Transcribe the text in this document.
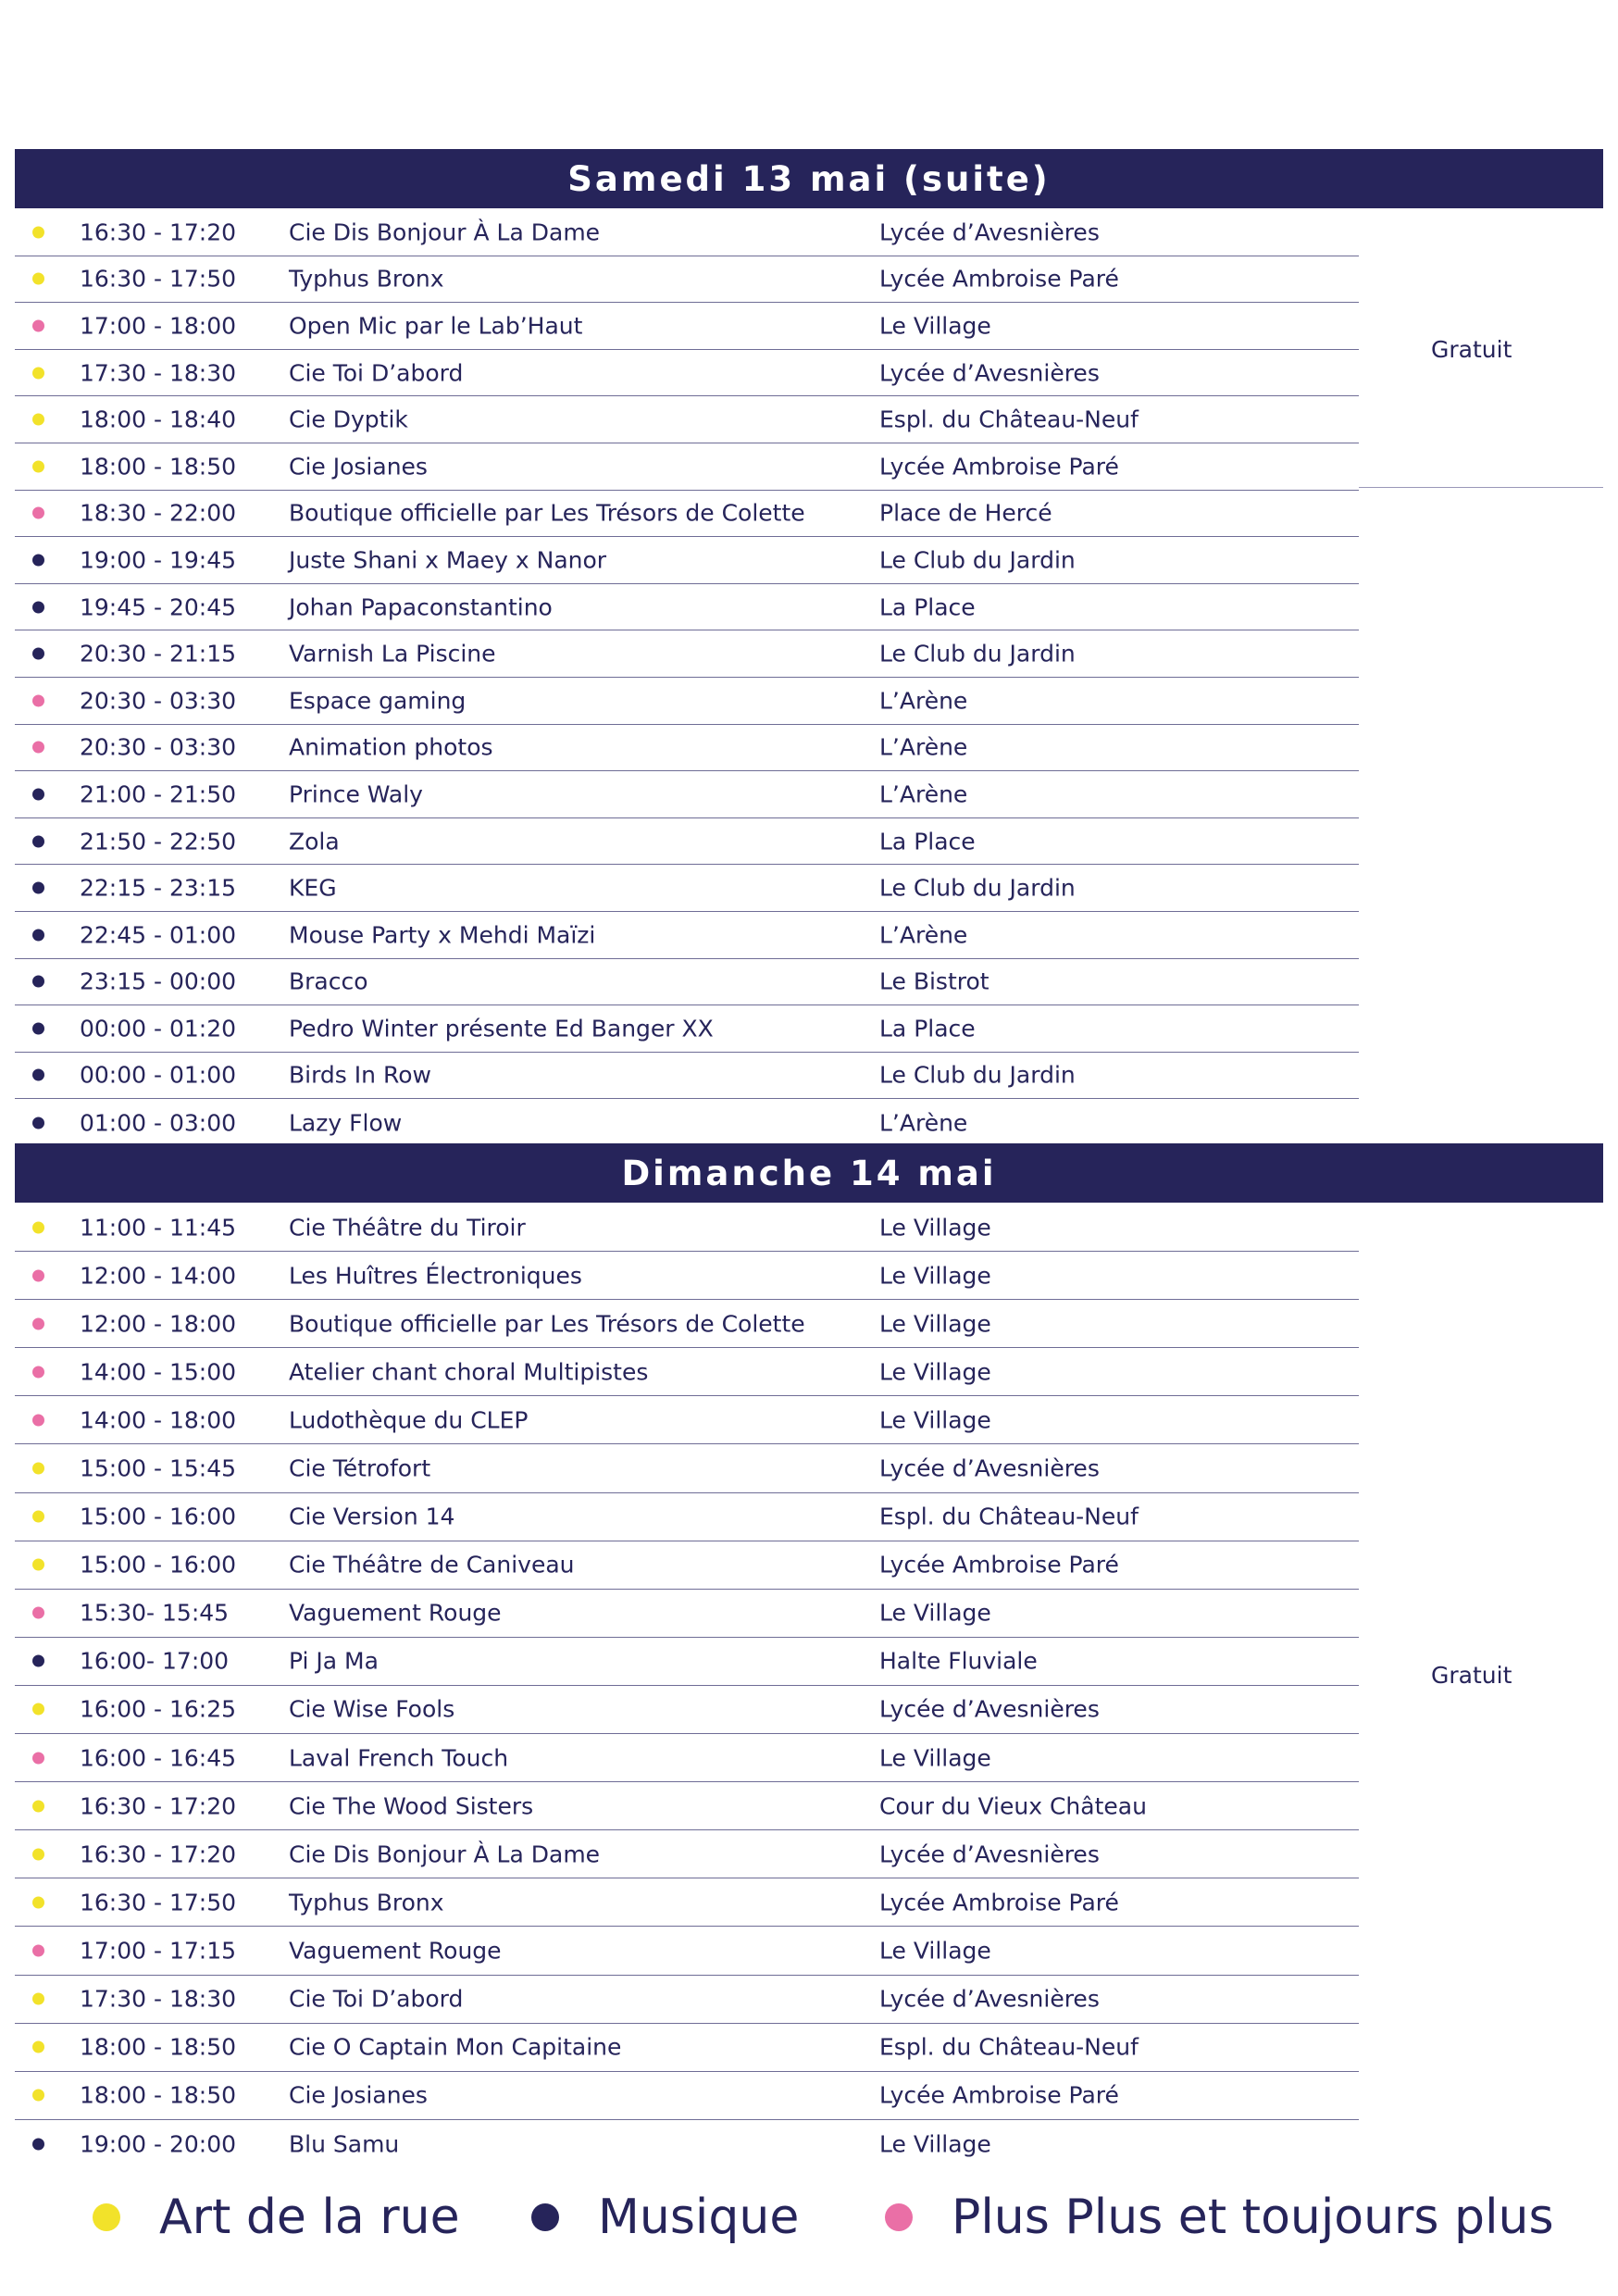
Samedi 13 mai (suite)
16:30 - 17:20 Cie Dis Bonjour À La Dame	Lycée d’Avesnières
16:30 - 17:50 Typhus Bronx	Lycée Ambroise Paré
17:00 - 18:00 Open Mic par le Lab’Haut	Le Village
17:30 - 18:30 Cie Toi D’abord	Lycée d’Avesnières
18:00 - 18:40 Cie Dyptik	Espl. du Château-Neuf
18:00 - 18:50 Cie Josianes	Lycée Ambroise Paré
18:30 - 22:00 Boutique officielle par Les Trésors de Colette	Place de Hercé
19:00 - 19:45 Juste Shani x Maey x Nanor	Le Club du Jardin
19:45 - 20:45 Johan Papaconstantino	La Place
20:30 - 21:15 Varnish La Piscine	Le Club du Jardin
20:30 - 03:30 Espace gaming	L’Arène
20:30 - 03:30 Animation photos	L’Arène
21:00 - 21:50 Prince Waly	L’Arène
21:50 - 22:50 Zola	La Place
22:15 - 23:15 KEG	Le Club du Jardin
22:45 - 01:00 Mouse Party x Mehdi Maïzi	L’Arène
23:15 - 00:00 Bracco	Le Bistrot
00:00 - 01:20 Pedro Winter présente Ed Banger XX	La Place
00:00 - 01:00 Birds In Row	Le Club du Jardin
01:00 - 03:00 Lazy Flow	L’Arène
Gratuit
Dimanche 14 mai
11:00 - 11:45 Cie Théâtre du Tiroir	Le Village
12:00 - 14:00 Les Huîtres Électroniques	Le Village
12:00 - 18:00 Boutique officielle par Les Trésors de Colette	Le Village
14:00 - 15:00 Atelier chant choral Multipistes	Le Village
14:00 - 18:00 Ludothèque du CLEP	Le Village
15:00 - 15:45 Cie Tétrofort	Lycée d’Avesnières
15:00 - 16:00 Cie Version 14	Espl. du Château-Neuf
15:00 - 16:00 Cie Théâtre de Caniveau	Lycée Ambroise Paré
15:30- 15:45	Vaguement Rouge	Le Village
16:00- 17:00	Pi Ja Ma	Halte Fluviale
16:00 - 16:25 Cie Wise Fools	Lycée d’Avesnières
16:00 - 16:45 Laval French Touch	Le Village
16:30 - 17:20 Cie The Wood Sisters	Cour du Vieux Château
16:30 - 17:20 Cie Dis Bonjour À La Dame	Lycée d’Avesnières
16:30 - 17:50 Typhus Bronx	Lycée Ambroise Paré
17:00 - 17:15 Vaguement Rouge	Le Village
17:30 - 18:30 Cie Toi D’abord	Lycée d’Avesnières
18:00 - 18:50 Cie O Captain Mon Capitaine	Espl. du Château-Neuf
18:00 - 18:50 Cie Josianes	Lycée Ambroise Paré
19:00 - 20:00 Blu Samu	Le Village
Gratuit
Art de la rue	Musique	Plus Plus et toujours plus
